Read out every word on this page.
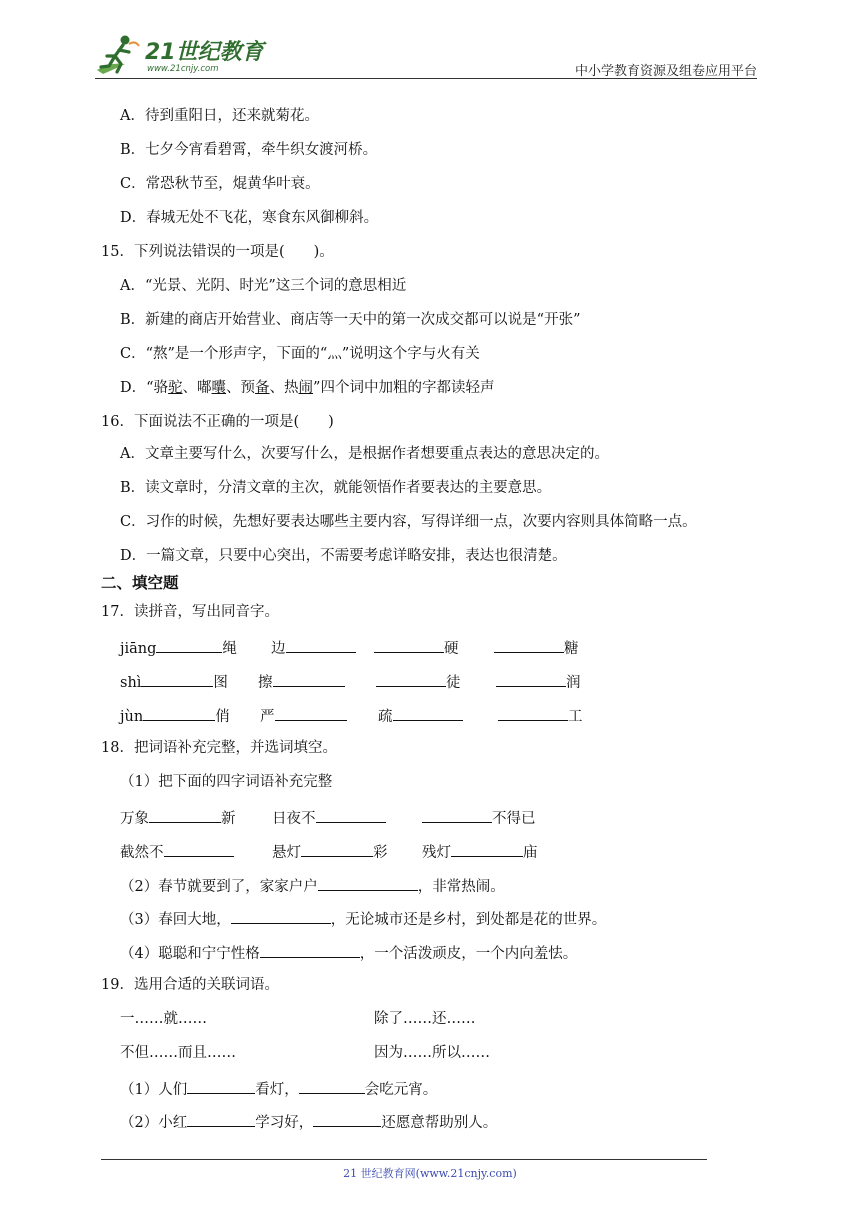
21世纪教育
www.21cnjy.com	中小学教育资源及组卷应用平台
A．待到重阳日，还来就菊花。
B．七夕今宵看碧霄，牵牛织女渡河桥。
C．常恐秋节至，焜黄华叶衰。
D．春城无处不飞花，寒食东风御柳斜。
15．下列说法错误的一项是(　　)。
A．“光景、光阴、时光”这三个词的意思相近
B．新建的商店开始营业、商店等一天中的第一次成交都可以说是“开张”
C．“熬”是一个形声字，下面的“灬”说明这个字与火有关
D．“骆驼、嘟囔、预备、热闹”四个词中加粗的字都读轻声
16．下面说法不正确的一项是(　　)
A．文章主要写什么，次要写什么，是根据作者想要重点表达的意思决定的。
B．读文章时，分清文章的主次，就能领悟作者要表达的主要意思。
C．习作的时候，先想好要表达哪些主要内容，写得详细一点，次要内容则具体简略一点。
D．一篇文章，只要中心突出，不需要考虑详略安排，表达也很清楚。
二、填空题
17．读拼音，写出同音字。
jiāng	绳 边	硬	糖
shì	图 擦	徒	润
jùn	俏 严	疏	工
18．把词语补充完整，并选词填空。
（1）把下面的四字词语补充完整
万象	新	日夜不	不得已
截然不	悬灯	彩 残灯	庙
（2）春节就要到了，家家户户	，非常热闹。
（3）春回大地，	，无论城市还是乡村，到处都是花的世界。
（4）聪聪和宁宁性格	，一个活泼顽皮，一个内向羞怯。
19．选用合适的关联词语。
一……就……	除了……还……
不但……而且……	因为……所以……
（1）人们	看灯，	会吃元宵。
（2）小红	学习好，	还愿意帮助别人。
21 世纪教育网(www.21cnjy.com)
